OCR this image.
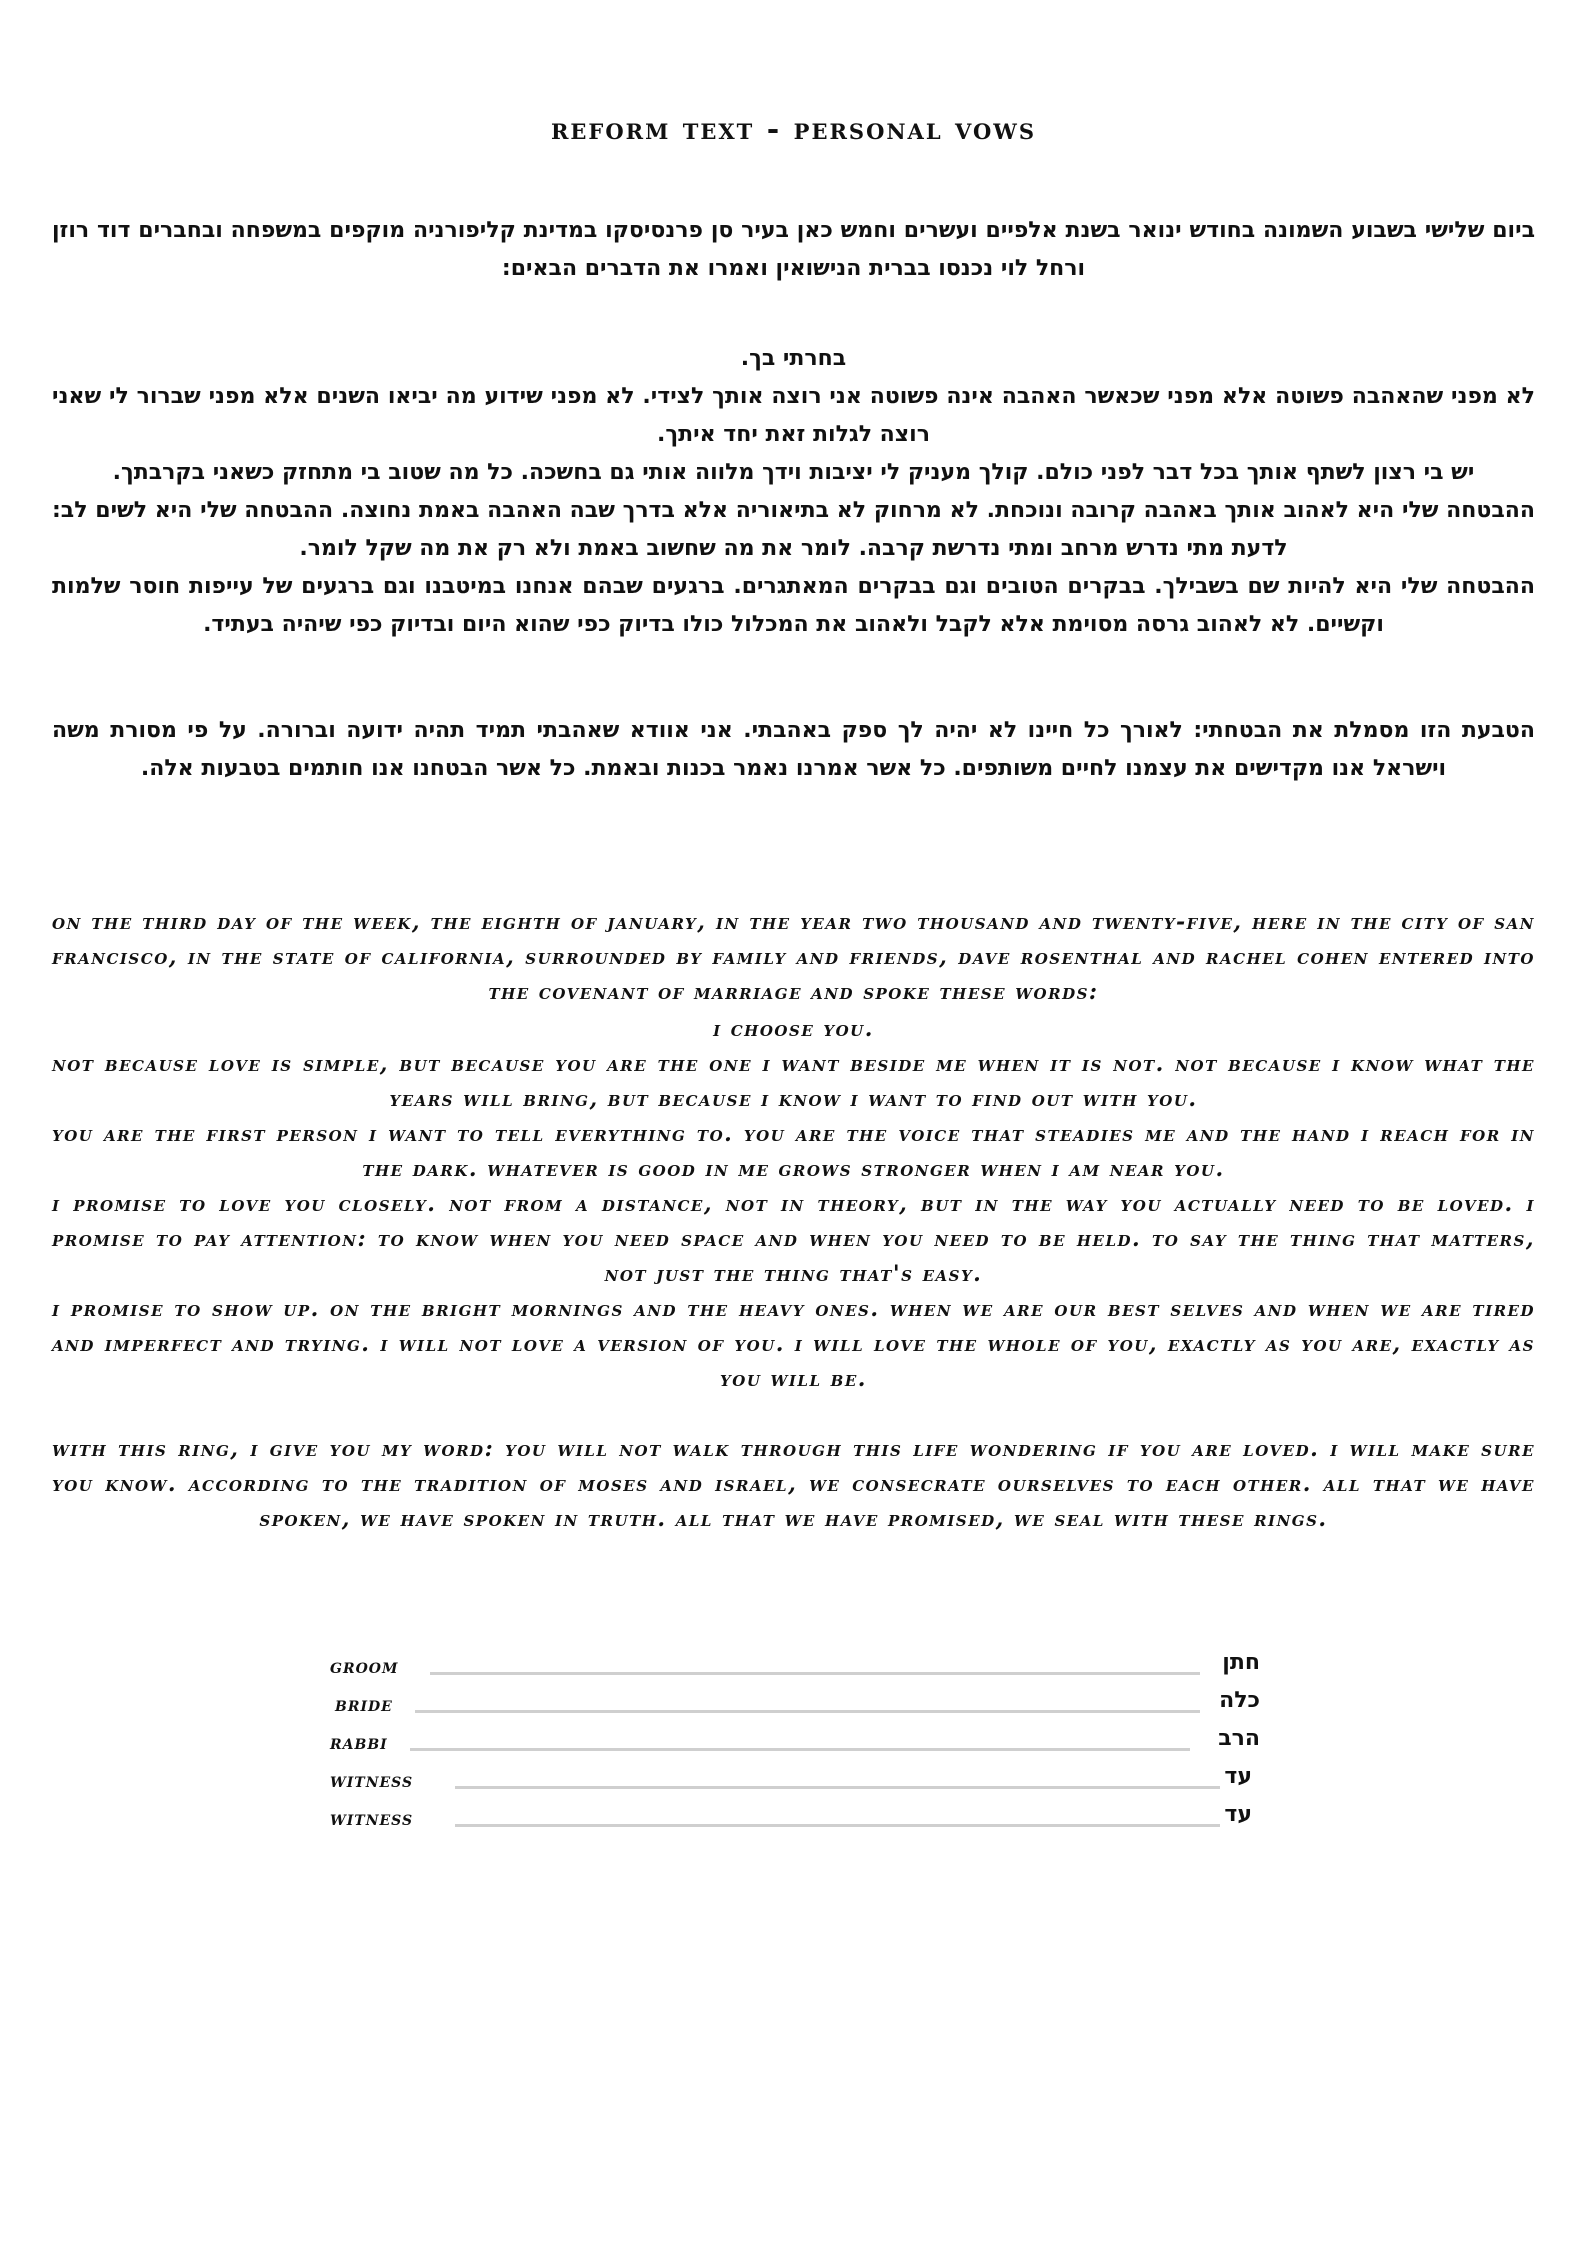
reform text - personal vows

ביום שלישי בשבוע השמונה בחודש ינואר בשנת אלפיים ועשרים וחמש כאן בעיר סן פרנסיסקו במדינת קליפורניה מוקפים במשפחה ובחברים דוד רוזן ורחל לוי נכנסו בברית הנישואין ואמרו את הדברים הבאים:

בחרתי בך.

לא מפני שהאהבה פשוטה אלא מפני שכאשר האהבה אינה פשוטה אני רוצה אותך לצידי. לא מפני שידוע מה יביאו השנים אלא מפני שברור לי שאני רוצה לגלות זאת יחד איתך.

יש בי רצון לשתף אותך בכל דבר לפני כולם. קולך מעניק לי יציבות וידך מלווה אותי גם בחשכה. כל מה שטוב בי מתחזק כשאני בקרבתך.

ההבטחה שלי היא לאהוב אותך באהבה קרובה ונוכחת. לא מרחוק לא בתיאוריה אלא בדרך שבה האהבה באמת נחוצה. ההבטחה שלי היא לשים לב: לדעת מתי נדרש מרחב ומתי נדרשת קרבה. לומר את מה שחשוב באמת ולא רק את מה שקל לומר.

ההבטחה שלי היא להיות שם בשבילך. בבקרים הטובים וגם בבקרים המאתגרים. ברגעים שבהם אנחנו במיטבנו וגם ברגעים של עייפות חוסר שלמות וקשיים. לא לאהוב גרסה מסוימת אלא לקבל ולאהוב את המכלול כולו בדיוק כפי שהוא היום ובדיוק כפי שיהיה בעתיד.

הטבעת הזו מסמלת את הבטחתי: לאורך כל חיינו לא יהיה לך ספק באהבתי. אני אוודא שאהבתי תמיד תהיה ידועה וברורה. על פי מסורת משה וישראל אנו מקדישים את עצמנו לחיים משותפים. כל אשר אמרנו נאמר בכנות ובאמת. כל אשר הבטחנו אנו חותמים בטבעות אלה.

on the third day of the week, the eighth of january, in the year two thousand and twenty-five, here in the city of san francisco, in the state of california, surrounded by family and friends, dave rosenthal and rachel cohen entered into the covenant of marriage and spoke these words:

i choose you.

not because love is simple, but because you are the one i want beside me when it is not. not because i know what the years will bring, but because i know i want to find out with you.

you are the first person i want to tell everything to. you are the voice that steadies me and the hand i reach for in the dark. whatever is good in me grows stronger when i am near you.

i promise to love you closely. not from a distance, not in theory, but in the way you actually need to be loved. i promise to pay attention: to know when you need space and when you need to be held. to say the thing that matters, not just the thing that's easy.

i promise to show up. on the bright mornings and the heavy ones. when we are our best selves and when we are tired and imperfect and trying. i will not love a version of you. i will love the whole of you, exactly as you are, exactly as you will be.

with this ring, i give you my word: you will not walk through this life wondering if you are loved. i will make sure you know. according to the tradition of moses and israel, we consecrate ourselves to each other. all that we have spoken, we have spoken in truth. all that we have promised, we seal with these rings.

groom	חתן
bride	כלה
rabbi	הרב
witness	עד
witness	עד
